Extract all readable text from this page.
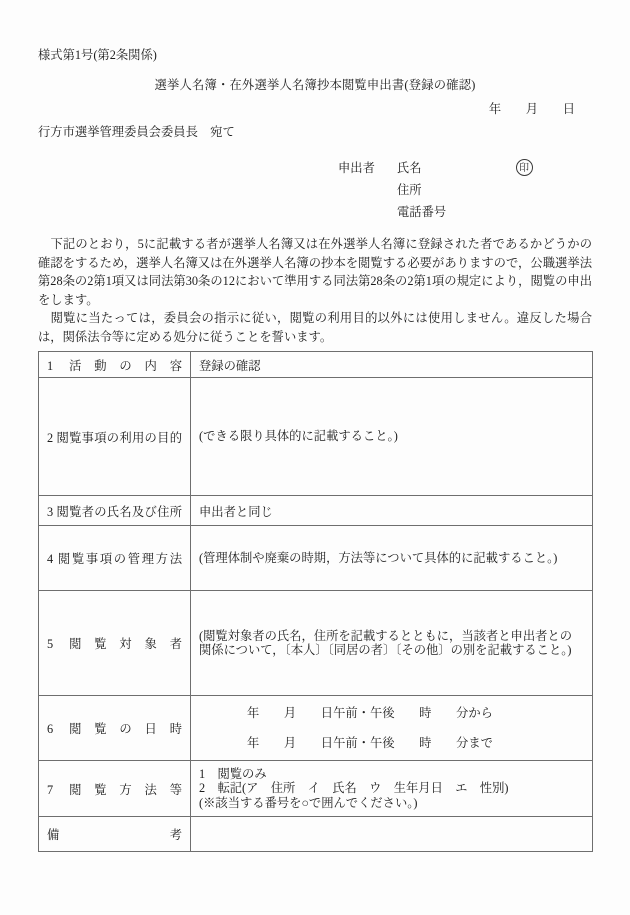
様式第1号(第2条関係)
選挙人名簿・在外選挙人名簿抄本閲覧申出書(登録の確認)
年　　月　　日
行方市選挙管理委員会委員長　宛て
申出者 氏名	印
住所
電話番号

　下記のとおり，5に記載する者が選挙人名簿又は在外選挙人名簿に登録された者であるかどうかの確認をするため，選挙人名簿又は在外選挙人名簿の抄本を閲覧する必要がありますので，公職選挙法第28条の2第1項又は同法第30条の12において準用する同法第28条の2第1項の規定により，閲覧の申出をします。

　閲覧に当たっては，委員会の指示に従い，閲覧の利用目的以外には使用しません。違反した場合は，関係法令等に定める処分に従うことを誓います。

1 活動の内容	登録の確認
2 閲覧事項の利用の目的	(できる限り具体的に記載すること。)

3 閲覧者の氏名及び住所	申出者と同じ
4 閲覧事項の管理方法	(管理体制や廃棄の時期，方法等について具体的に記載すること。)

5 閲覧対象者	(閲覧対象者の氏名，住所を記載するとともに，当該者と申出者との関係について，〔本人〕〔同居の者〕〔その他〕の別を記載すること。)

6 閲覧の日時	年　　月　　日午前・午後　　時　　分から
年　　月　　日午前・午後　　時　　分まで

7 閲覧方法等	1　閲覧のみ
2　転記(ア　住所　イ　氏名　ウ　生年月日　エ　性別)
(※該当する番号を○で囲んでください。)

備考	
